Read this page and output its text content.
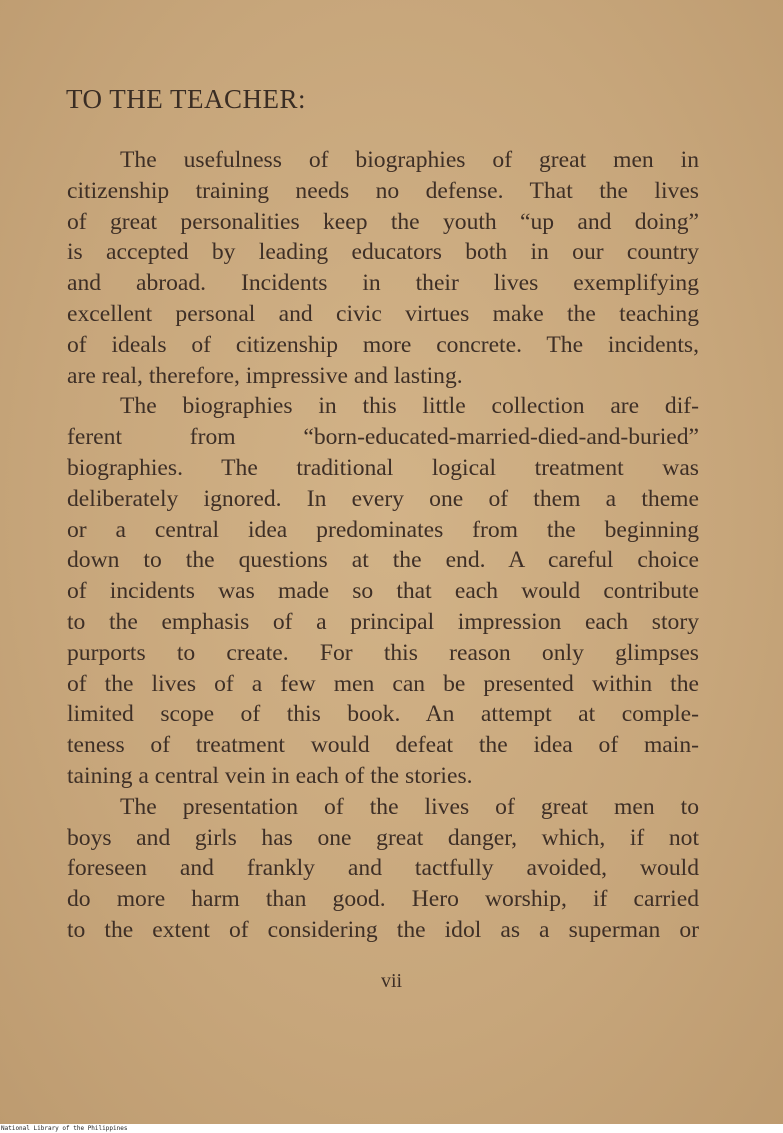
TO THE TEACHER:

The usefulness of biographies of great men in
citizenship training needs no defense. That the lives
of great personalities keep the youth “up and doing”
is accepted by leading educators both in our country
and abroad. Incidents in their lives exemplifying
excellent personal and civic virtues make the teaching
of ideals of citizenship more concrete. The incidents,
are real, therefore, impressive and lasting.

The biographies in this little collection are dif-
ferent from “born-educated-married-died-and-buried”
biographies. The traditional logical treatment was
deliberately ignored. In every one of them a theme
or a central idea predominates from the beginning
down to the questions at the end. A careful choice
of incidents was made so that each would contribute
to the emphasis of a principal impression each story
purports to create. For this reason only glimpses
of the lives of a few men can be presented within the
limited scope of this book. An attempt at comple-
teness of treatment would defeat the idea of main-
taining a central vein in each of the stories.

The presentation of the lives of great men to
boys and girls has one great danger, which, if not
foreseen and frankly and tactfully avoided, would
do more harm than good. Hero worship, if carried
to the extent of considering the idol as a superman or

vii
National Library of the Philippines
